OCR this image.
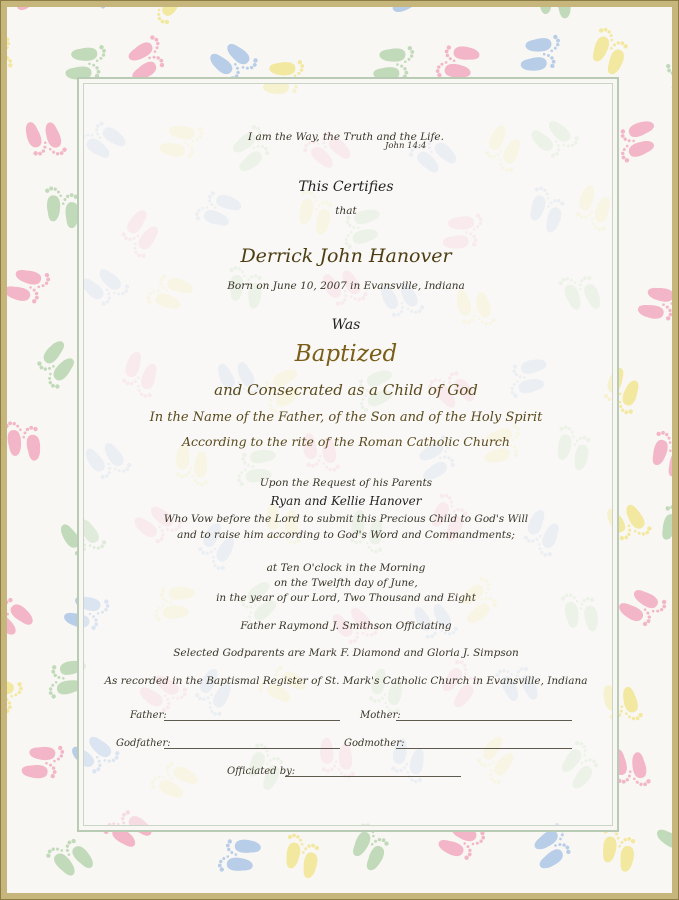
I am the Way, the Truth and the Life.
John 14:4
This Certifies
that
Derrick John Hanover
Born on June 10, 2007 in Evansville, Indiana
Was
Baptized
and Consecrated as a Child of God
In the Name of the Father, of the Son and of the Holy Spirit
According to the rite of the Roman Catholic Church
Upon the Request of his Parents
Ryan and Kellie Hanover
Who Vow before the Lord to submit this Precious Child to God's Will
and to raise him according to God's Word and Commandments;
at Ten O'clock in the Morning
on the Twelfth day of June,
in the year of our Lord, Two Thousand and Eight
Father Raymond J. Smithson Officiating
Selected Godparents are Mark F. Diamond and Gloria J. Simpson
As recorded in the Baptismal Register of St. Mark's Catholic Church in Evansville, Indiana
Father:	Mother:
Godfather:	Godmother:
Officiated by:
